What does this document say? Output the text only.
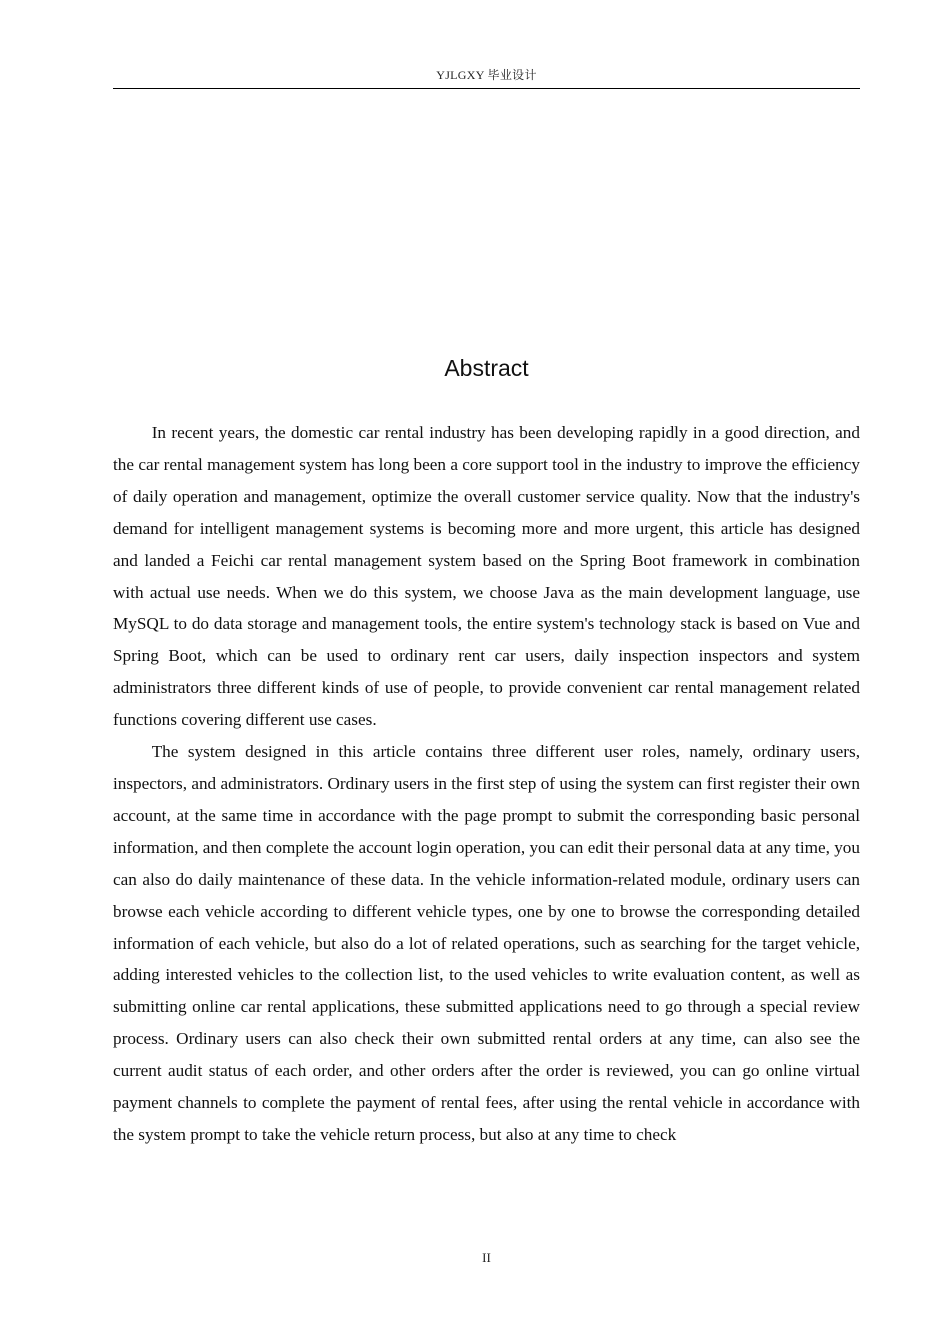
YJLGXY 毕业设计
Abstract

In recent years, the domestic car rental industry has been developing rapidly in a good direction, and the car rental management system has long been a core support tool in the industry to improve the efficiency of daily operation and management, optimize the overall customer service quality. Now that the industry's demand for intelligent management systems is becoming more and more urgent, this article has designed and landed a Feichi car rental management system based on the Spring Boot framework in combination with actual use needs. When we do this system, we choose Java as the main development language, use MySQL to do data storage and management tools, the entire system's technology stack is based on Vue and Spring Boot, which can be used to ordinary rent car users, daily inspection inspectors and system administrators three different kinds of use of people, to provide convenient car rental management related functions covering different use cases.

The system designed in this article contains three different user roles, namely, ordinary users, inspectors, and administrators. Ordinary users in the first step of using the system can first register their own account, at the same time in accordance with the page prompt to submit the corresponding basic personal information, and then complete the account login operation, you can edit their personal data at any time, you can also do daily maintenance of these data. In the vehicle information-related module, ordinary users can browse each vehicle according to different vehicle types, one by one to browse the corresponding detailed information of each vehicle, but also do a lot of related operations, such as searching for the target vehicle, adding interested vehicles to the collection list, to the used vehicles to write evaluation content, as well as submitting online car rental applications, these submitted applications need to go through a special review process. Ordinary users can also check their own submitted rental orders at any time, can also see the current audit status of each order, and other orders after the order is reviewed, you can go online virtual payment channels to complete the payment of rental fees, after using the rental vehicle in accordance with the system prompt to take the vehicle return process, but also at any time to check

II
